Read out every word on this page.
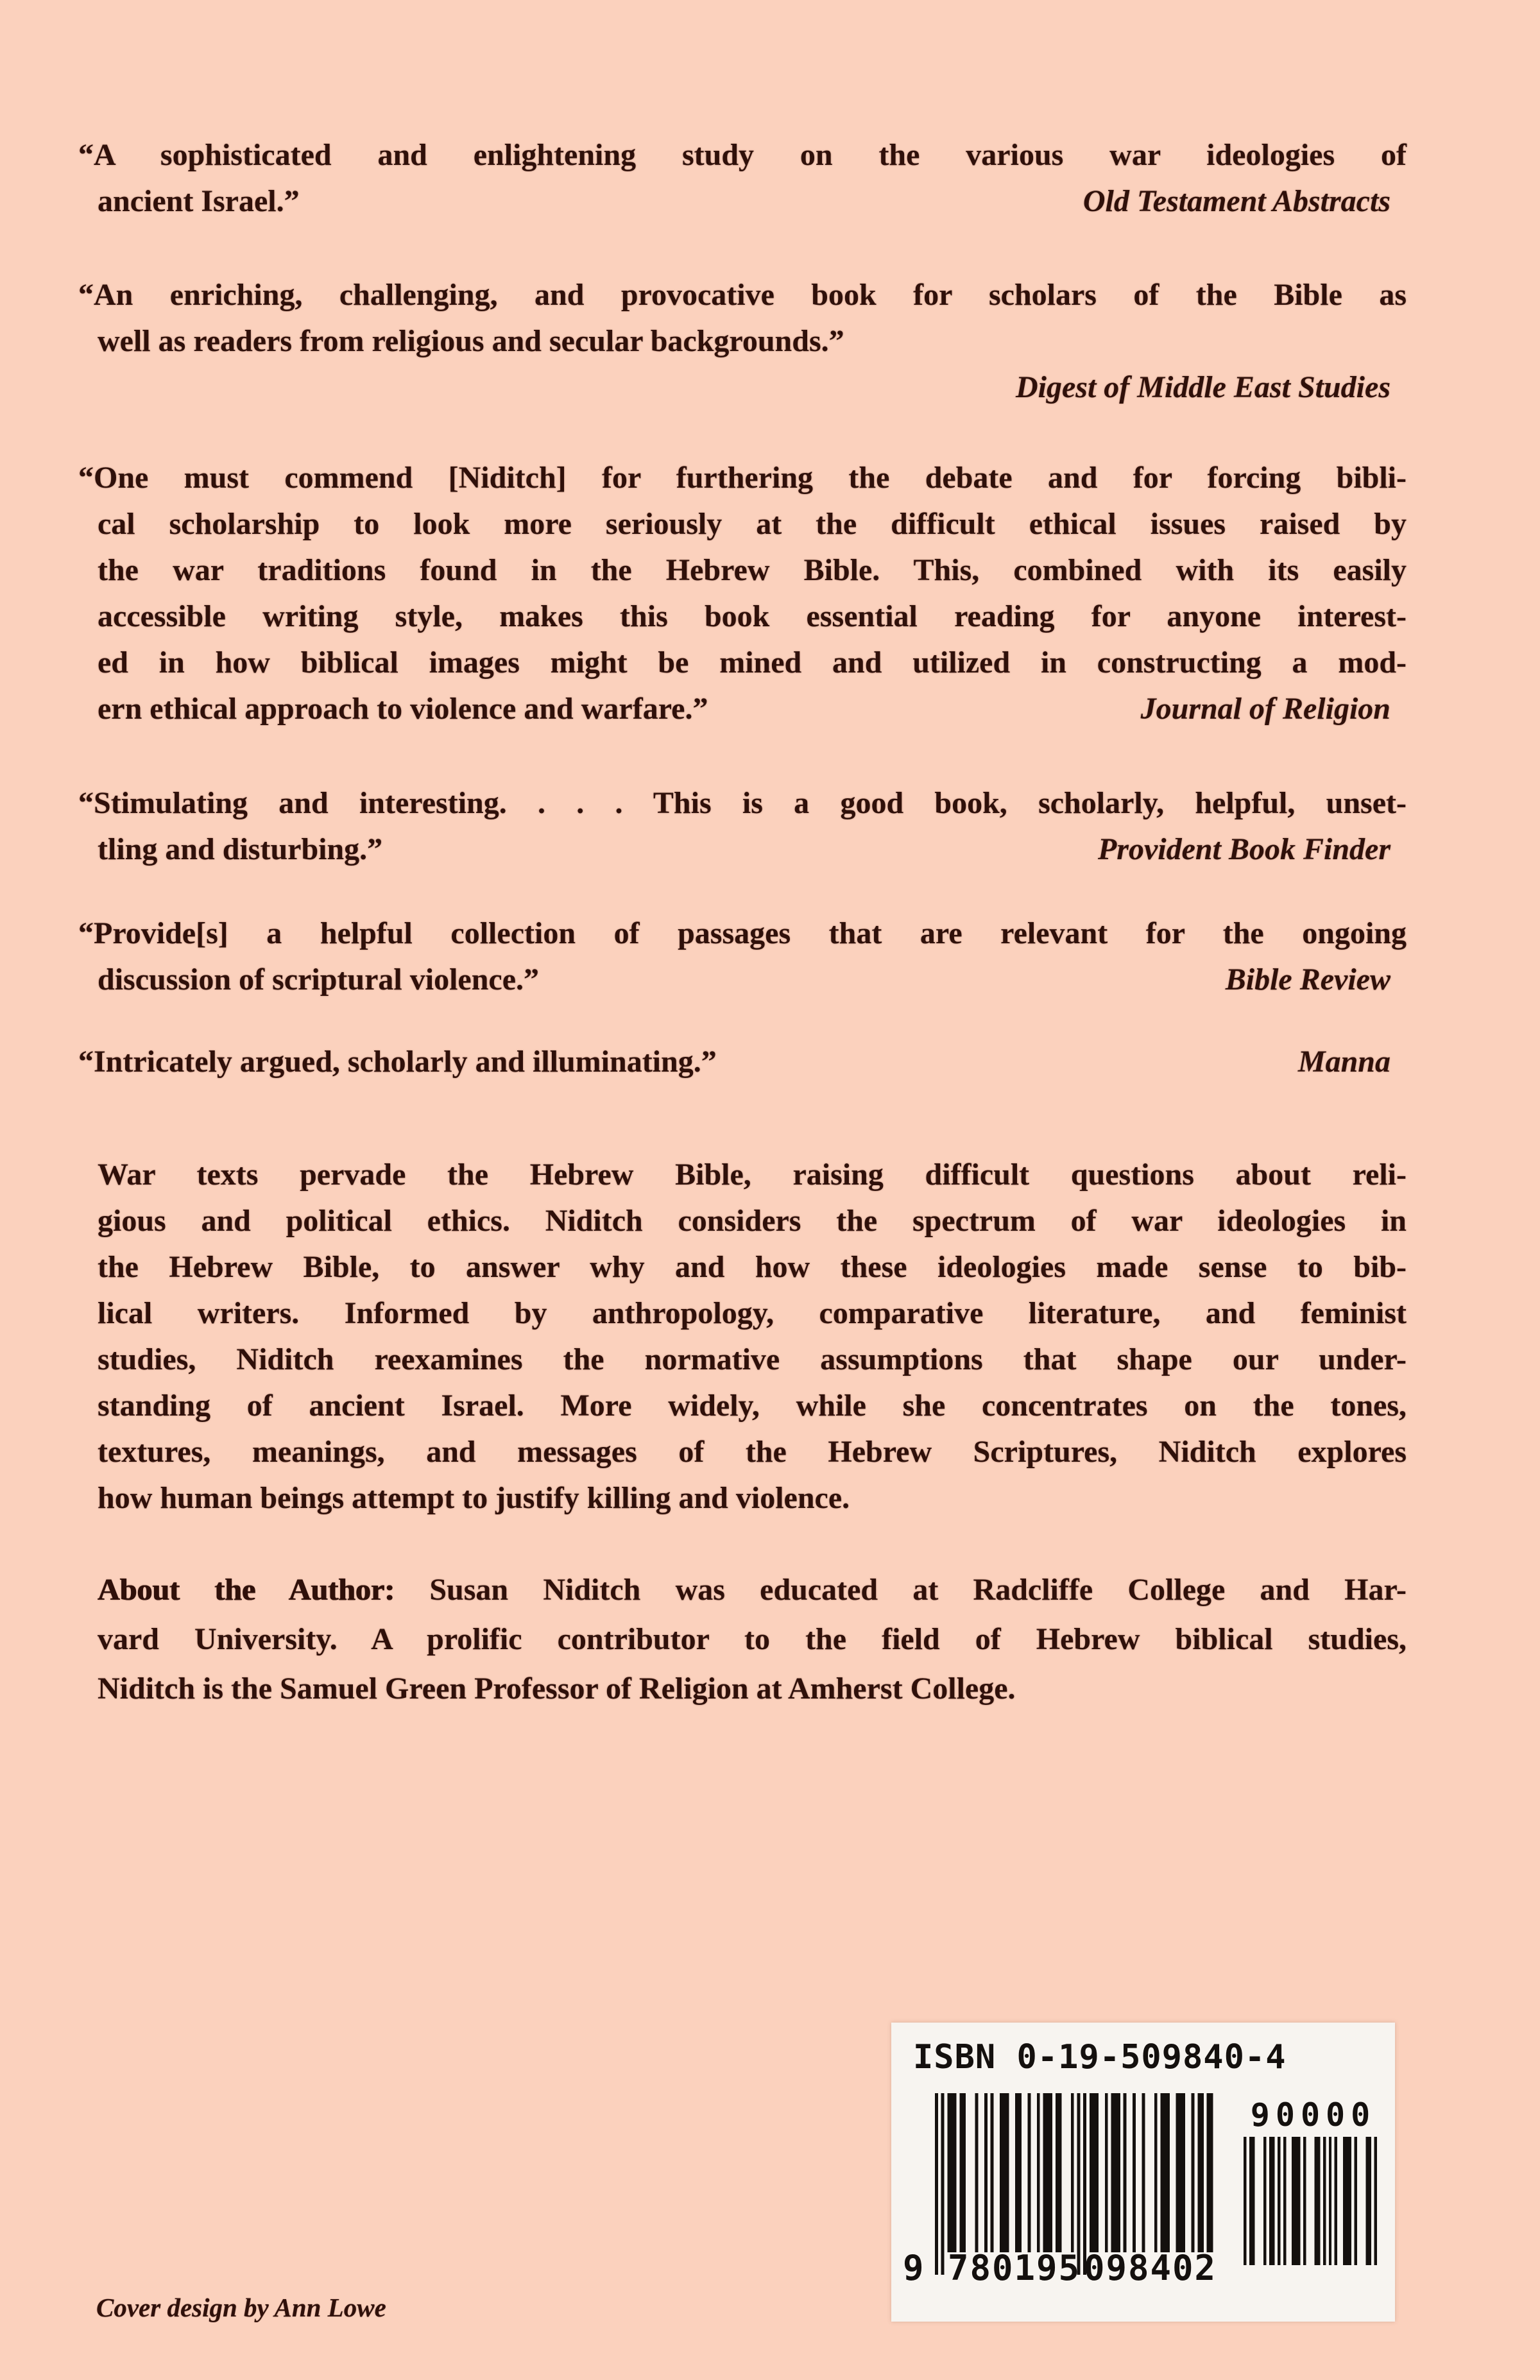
“A sophisticated and enlightening study on the various war ideologies of
ancient Israel.”	Old Testament Abstracts
“An enriching, challenging, and provocative book for scholars of the Bible as
well as readers from religious and secular backgrounds.”
Digest of Middle East Studies
“One must commend [Niditch] for furthering the debate and for forcing bibli-
cal scholarship to look more seriously at the difficult ethical issues raised by
the war traditions found in the Hebrew Bible. This, combined with its easily
accessible writing style, makes this book essential reading for anyone interest-
ed in how biblical images might be mined and utilized in constructing a mod-
ern ethical approach to violence and warfare.”	Journal of Religion
“Stimulating and interesting. . . . This is a good book, scholarly, helpful, unset-
tling and disturbing.”	Provident Book Finder
“Provide[s] a helpful collection of passages that are relevant for the ongoing
discussion of scriptural violence.”	Bible Review
“Intricately argued, scholarly and illuminating.”	Manna
War texts pervade the Hebrew Bible, raising difficult questions about reli-
gious and political ethics. Niditch considers the spectrum of war ideologies in
the Hebrew Bible, to answer why and how these ideologies made sense to bib-
lical writers. Informed by anthropology, comparative literature, and feminist
studies, Niditch reexamines the normative assumptions that shape our under-
standing of ancient Israel. More widely, while she concentrates on the tones,
textures, meanings, and messages of the Hebrew Scriptures, Niditch explores
how human beings attempt to justify killing and violence.
About the Author: Susan Niditch was educated at Radcliffe College and Har-
vard University. A prolific contributor to the field of Hebrew biblical studies,
Niditch is the Samuel Green Professor of Religion at Amherst College.
ISBN 0-19-509840-4
9 780195 098402
90000
Cover design by Ann Lowe
